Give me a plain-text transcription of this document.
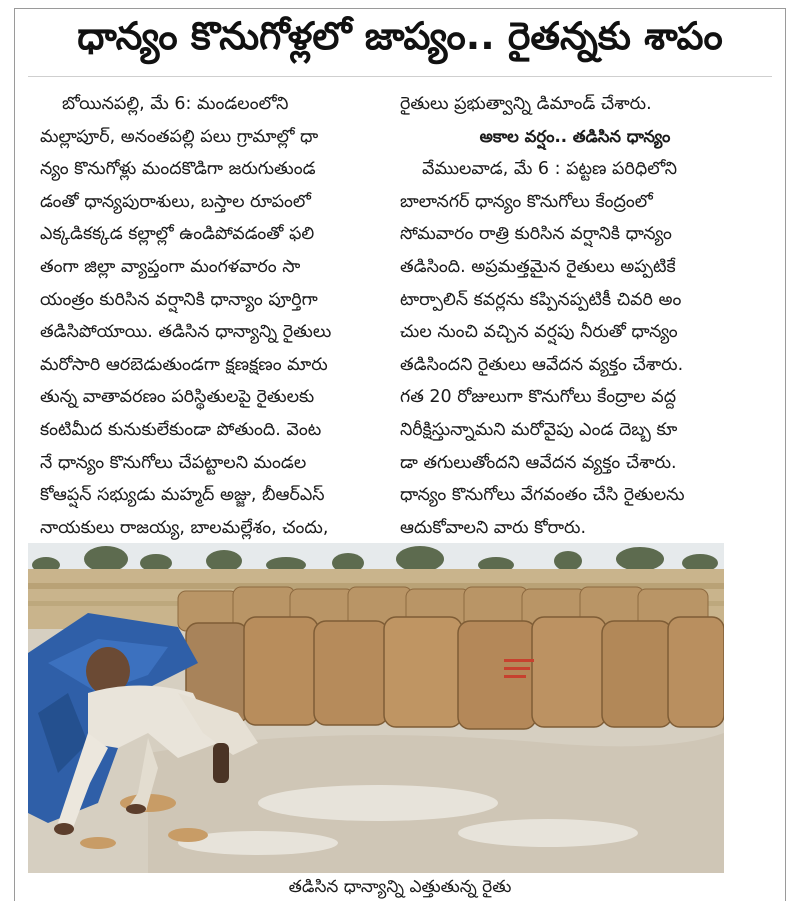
ధాన్యం కొనుగోళ్లలో జాప్యం.. రైతన్నకు శాపం
బోయినపల్లి, మే 6: మండలంలోని
మల్లాపూర్, అనంతపల్లి పలు గ్రామాల్లో ధా
న్యం కొనుగోళ్లు మందకొడిగా జరుగుతుండ
డంతో ధాన్యపురాశులు, బస్తాల రూపంలో
ఎక్కడికక్కడ కల్లాల్లో ఉండిపోవడంతో ఫలి
తంగా జిల్లా వ్యాప్తంగా మంగళవారం సా
యంత్రం కురిసిన వర్షానికి ధాన్యాం పూర్తిగా
తడిసిపోయాయి. తడిసిన ధాన్యాన్ని రైతులు
మరోసారి ఆరబెడుతుండగా క్షణక్షణం మారు
తున్న వాతావరణం పరిస్థితులపై రైతులకు
కంటిమీద కునుకులేకుండా పోతుంది. వెంట
నే ధాన్యం కొనుగోలు చేపట్టాలని మండల
కోఆప్షన్ సభ్యుడు మహ్మద్ అజ్జు, బీఆర్ఎస్
నాయకులు రాజయ్య, బాలమల్లేశం, చందు,
రైతులు ప్రభుత్వాన్ని డిమాండ్ చేశారు.
అకాల వర్షం.. తడిసిన ధాన్యం
వేములవాడ, మే 6 : పట్టణ పరిధిలోని
బాలానగర్ ధాన్యం కొనుగోలు కేంద్రంలో
సోమవారం రాత్రి కురిసిన వర్షానికి ధాన్యం
తడిసింది. అప్రమత్తమైన రైతులు అప్పటికే
టార్పాలిన్ కవర్లను కప్పినప్పటికీ చివరి అం
చుల నుంచి వచ్చిన వర్షపు నీరుతో ధాన్యం
తడిసిందని రైతులు ఆవేదన వ్యక్తం చేశారు.
గత 20 రోజులుగా కొనుగోలు కేంద్రాల వద్ద
నిరీక్షిస్తున్నామని మరోవైపు ఎండ దెబ్బ కూ
డా తగులుతోందని ఆవేదన వ్యక్తం చేశారు.
ధాన్యం కొనుగోలు వేగవంతం చేసి రైతులను
ఆదుకోవాలని వారు కోరారు.
తడిసిన ధాన్యాన్ని ఎత్తుతున్న రైతు
